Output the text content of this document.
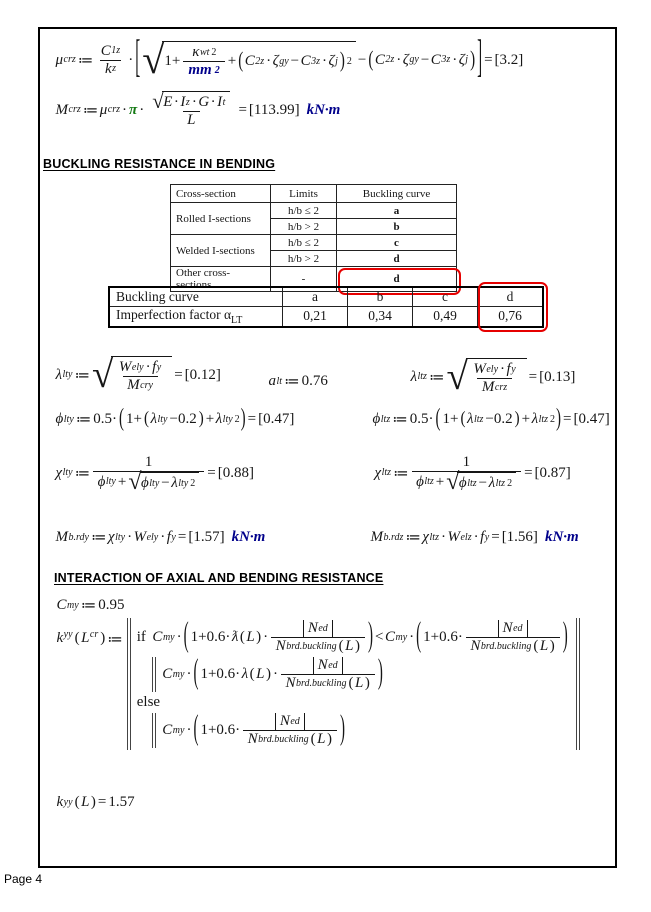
μ crz ≔ $\frac{C 1z}{\text{k z}}$ · [ √ 1+
κ wt 2
mm 2
+ ( C 2z · ζ gy − C 3z · ζ j ) 2 − ( C 2z · ζ gy − C 3z · ζ j ) ] = [3.2]
M crz ≔ μ crz · $\pi \cdot \frac{\text{√ E · I z · G · I t}}{L} = [113.99]$ kN·m
BUCKLING RESISTANCE IN BENDING
Cross-section	Limits	Buckling curve
Rolled I-sections	h/b ≤ 2	a
	h/b > 2	b
Welded I-sections	h/b ≤ 2	c
	h/b > 2	d
Other cross-sections	-	d
Buckling curve	a	b	c	d
Imperfection factor $\alpha_{LT}$	0,21	0,34	0,49	0,76
λ lty ≔ √ W ely · f y
M cry
= [0.12]	a lt ≔ 0.76	λ ltz ≔ √ W ely · f y
M crz
= [0.13]
ϕ lty ≔ 0.5· ( 1+ ( λ lty −0.2 ) + λ lty 2 ) = [0.47]	ϕ ltz ≔ 0.5· ( 1+ ( λ ltz −0.2 ) + λ ltz 2 ) = [0.47]
χ lty ≔
1
ϕ lty + √ ϕ lty − λ lty 2
= [0.88]	χ ltz ≔
1
ϕ ltz + √ ϕ ltz − λ ltz 2
= [0.87]
M b.rdy ≔ χ lty · W ely · f y = [1.57] kN·m	M b.rdz ≔ χ ltz · W elz · f y = [1.56] kN·m
INTERACTION OF AXIAL AND BENDING RESISTANCE
C my ≔ 0.95
$k^{yy}$ ( $L^{cr}$ ) ≔ if C my · ( 1+0.6· ƛ ( L ) ·
N ed
N brd.buckling ( L ) ) < C my · ( 1+0.6·
N ed
N brd.buckling ( L ) )
C my · ( 1+0.6· λ ( L ) ·
N ed
N brd.buckling ( L ) )
else
C my · ( 1+0.6·
N ed
N brd.buckling ( L ) )
k yy ( L ) = 1.57
Page 4
